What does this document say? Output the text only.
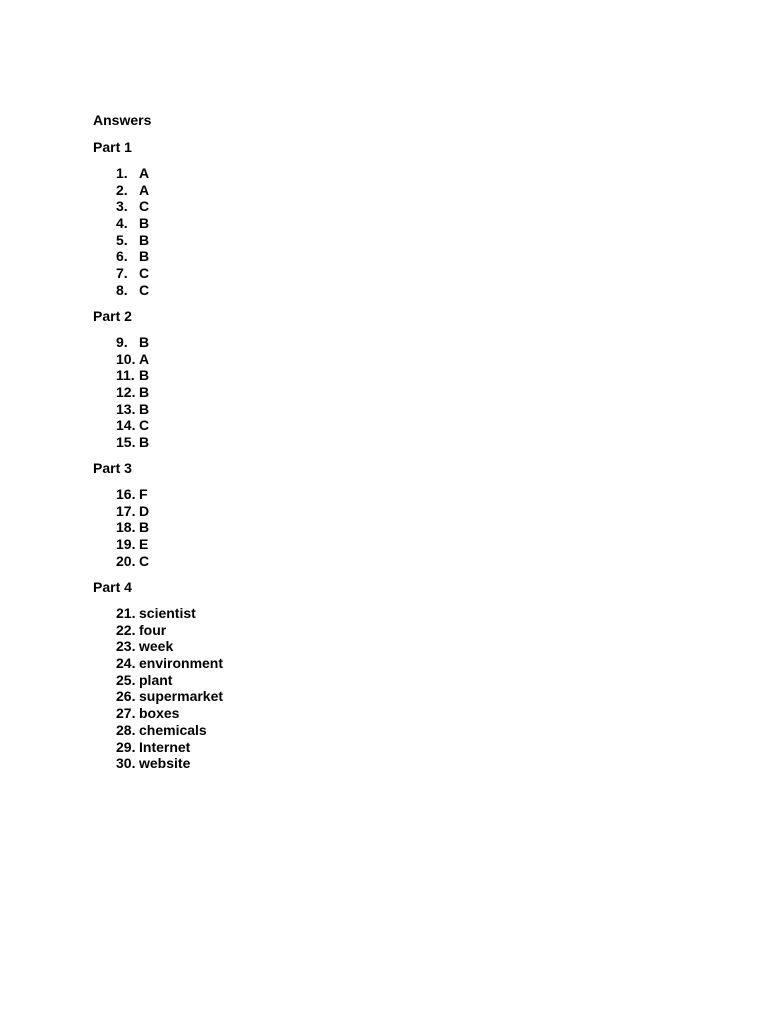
Answers
Part 1
1. A
2. A
3. C
4. B
5. B
6. B
7. C
8. C
Part 2
9. B
10. A
11. B
12. B
13. B
14. C
15. B
Part 3
16. F
17. D
18. B
19. E
20. C
Part 4
21. scientist
22. four
23. week
24. environment
25. plant
26. supermarket
27. boxes
28. chemicals
29. Internet
30. website
